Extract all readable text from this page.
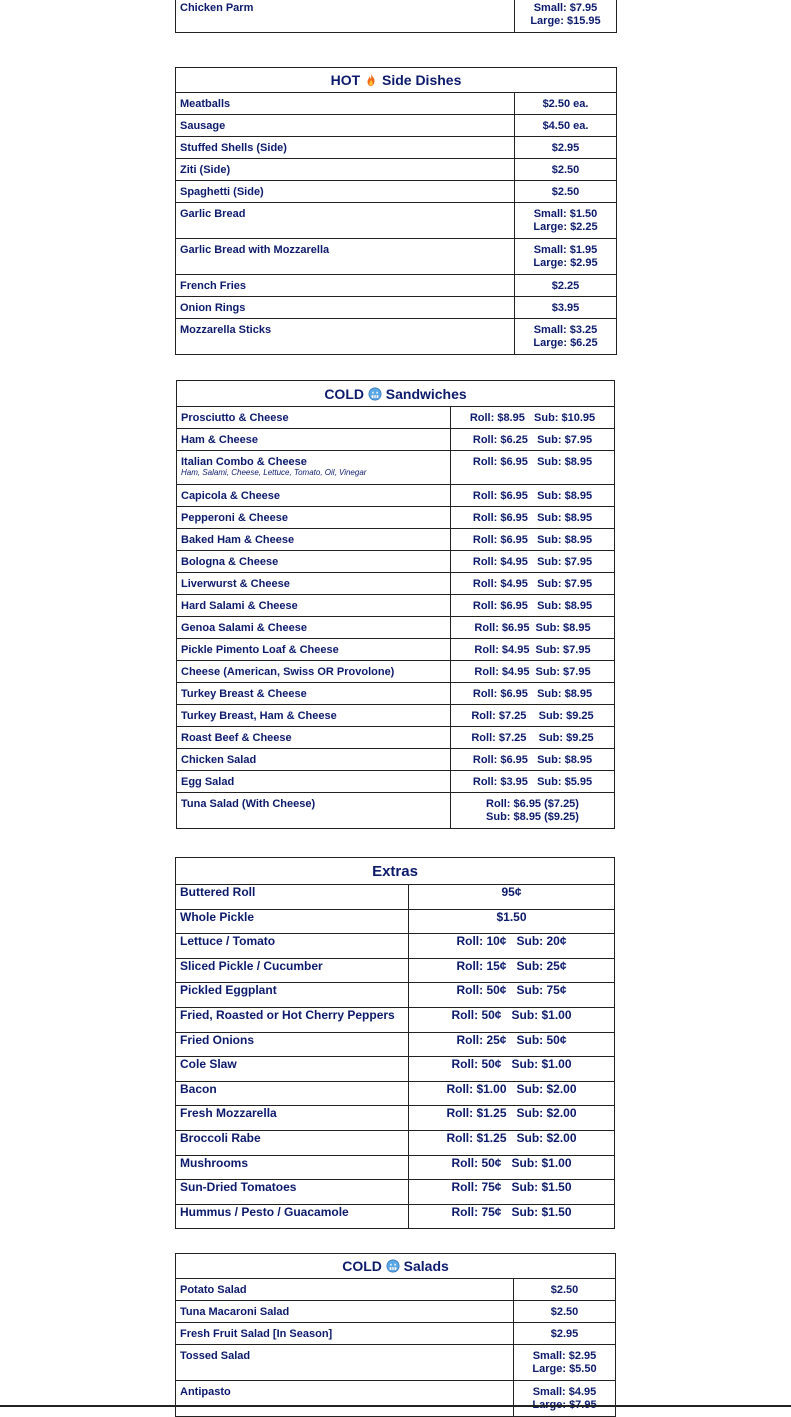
Chicken Parm	Small: $7.95
Large: $15.95
HOT Side Dishes	

Meatballs	$2.50 ea.

Sausage	$4.50 ea.

Stuffed Shells (Side)	$2.95

Ziti (Side)	$2.50

Spaghetti (Side)	$2.50

Garlic Bread	Small: $1.50
Large: $2.25

Garlic Bread with Mozzarella	Small: $1.95
Large: $2.95

French Fries	$2.25

Onion Rings	$3.95

Mozzarella Sticks	Small: $3.25
Large: $6.25
COLD Sandwiches	

Prosciutto & Cheese	Roll: $8.95   Sub: $10.95

Ham & Cheese	Roll: $6.25   Sub: $7.95

Italian Combo & Cheese
Ham, Salami, Cheese, Lettuce, Tomato, Oil, Vinegar	Roll: $6.95   Sub: $8.95

Capicola & Cheese	Roll: $6.95   Sub: $8.95

Pepperoni & Cheese	Roll: $6.95   Sub: $8.95

Baked Ham & Cheese	Roll: $6.95   Sub: $8.95

Bologna & Cheese	Roll: $4.95   Sub: $7.95

Liverwurst & Cheese	Roll: $4.95   Sub: $7.95

Hard Salami & Cheese	Roll: $6.95   Sub: $8.95

Genoa Salami & Cheese	Roll: $6.95  Sub: $8.95

Pickle Pimento Loaf & Cheese	Roll: $4.95  Sub: $7.95

Cheese (American, Swiss OR Provolone)	Roll: $4.95  Sub: $7.95

Turkey Breast & Cheese	Roll: $6.95   Sub: $8.95

Turkey Breast, Ham & Cheese	Roll: $7.25    Sub: $9.25

Roast Beef & Cheese	Roll: $7.25    Sub: $9.25

Chicken Salad	Roll: $6.95   Sub: $8.95

Egg Salad	Roll: $3.95   Sub: $5.95

Tuna Salad (With Cheese)	Roll: $6.95 ($7.25)
Sub: $8.95 ($9.25)
Extras	

Buttered Roll	95¢

Whole Pickle	$1.50

Lettuce / Tomato	Roll: 10¢   Sub: 20¢

Sliced Pickle / Cucumber	Roll: 15¢   Sub: 25¢

Pickled Eggplant	Roll: 50¢   Sub: 75¢

Fried, Roasted or Hot Cherry Peppers	Roll: 50¢   Sub: $1.00

Fried Onions	Roll: 25¢   Sub: 50¢

Cole Slaw	Roll: 50¢   Sub: $1.00

Bacon	Roll: $1.00   Sub: $2.00

Fresh Mozzarella	Roll: $1.25   Sub: $2.00

Broccoli Rabe	Roll: $1.25   Sub: $2.00

Mushrooms	Roll: 50¢   Sub: $1.00

Sun-Dried Tomatoes	Roll: 75¢   Sub: $1.50

Hummus / Pesto / Guacamole	Roll: 75¢   Sub: $1.50
COLD Salads	

Potato Salad	$2.50

Tuna Macaroni Salad	$2.50

Fresh Fruit Salad [In Season]	$2.95

Tossed Salad	Small: $2.95
Large: $5.50

Antipasto	Small: $4.95
